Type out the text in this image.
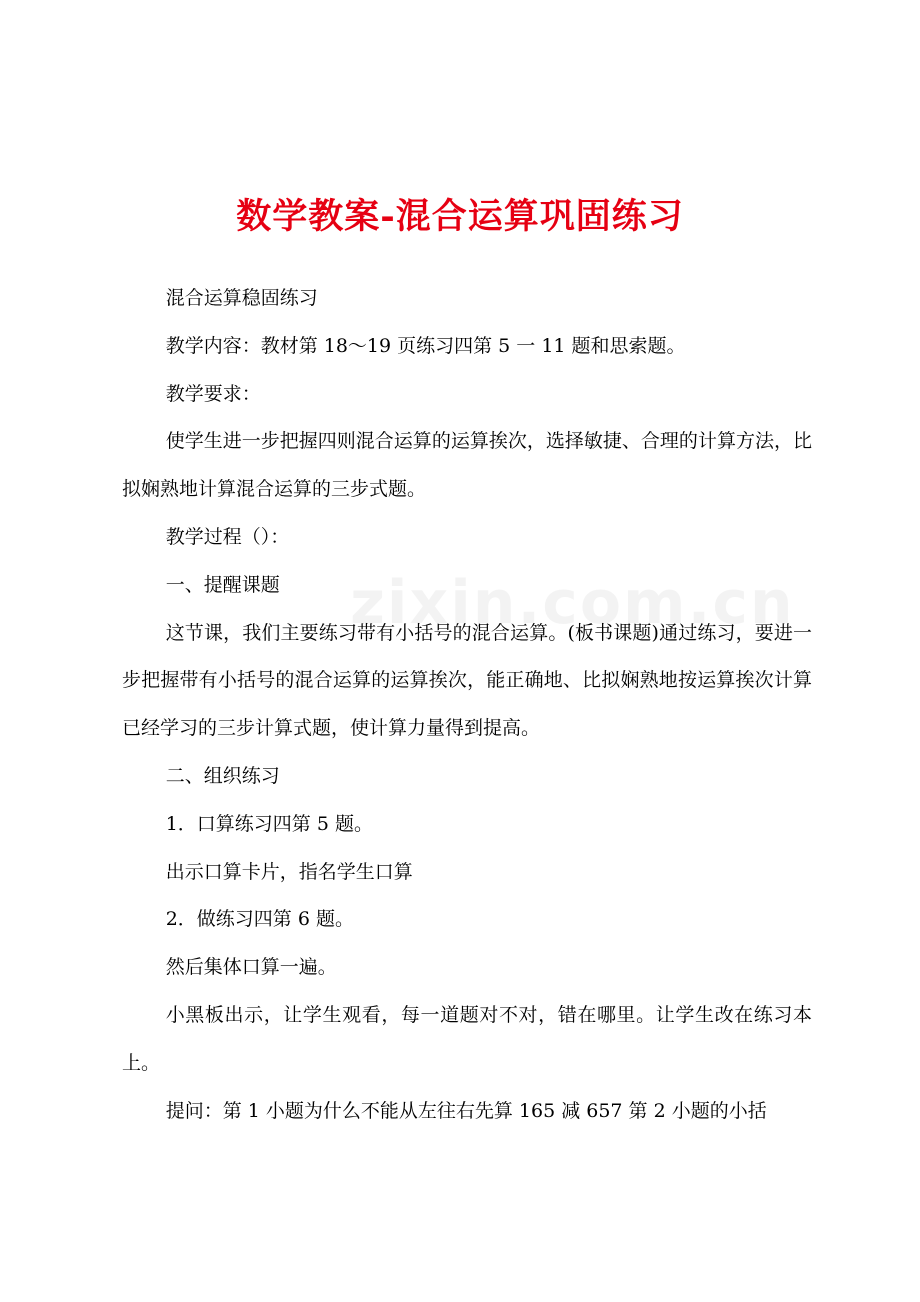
数学教案-混合运算巩固练习

混合运算稳固练习

教学内容：教材第 18～19 页练习四第 5 一 11 题和思索题。

教学要求：

使学生进一步把握四则混合运算的运算挨次，选择敏捷、合理的计算方法，比拟娴熟地计算混合运算的三步式题。

教学过程（）：

一、提醒课题

这节课，我们主要练习带有小括号的混合运算。(板书课题)通过练习，要进一步把握带有小括号的混合运算的运算挨次，能正确地、比拟娴熟地按运算挨次计算已经学习的三步计算式题，使计算力量得到提高。

二、组织练习

1．口算练习四第 5 题。

出示口算卡片，指名学生口算

2．做练习四第 6 题。

然后集体口算一遍。

小黑板出示，让学生观看，每一道题对不对，错在哪里。让学生改在练习本上。

提问：第 1 小题为什么不能从左往右先算 165 减 657 第 2 小题的小括
